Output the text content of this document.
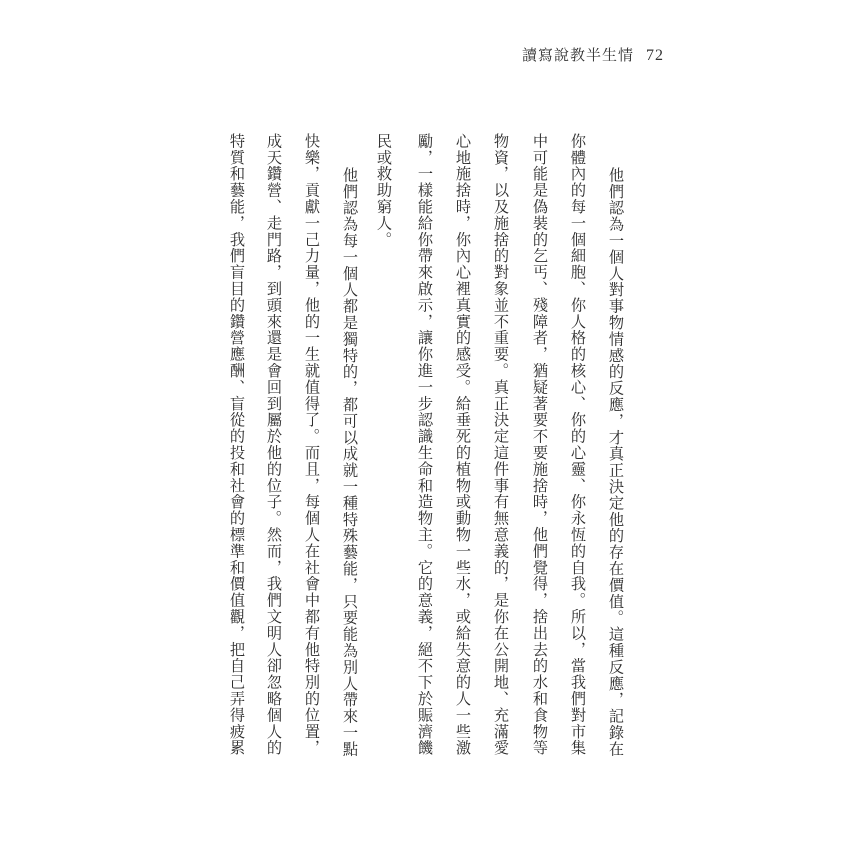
讀寫說教半生情 72
他們認為一個人對事物情感的反應，才真正決定他的存在價值。這種反應，記錄在
你體內的每一個細胞、你人格的核心、你的心靈、你永恆的自我。所以，當我們對市集
中可能是偽裝的乞丐、殘障者，猶疑著要不要施捨時，他們覺得，捨出去的水和食物等
物資，以及施捨的對象並不重要。真正決定這件事有無意義的，是你在公開地、充滿愛
心地施捨時，你內心裡真實的感受。給垂死的植物或動物一些水，或給失意的人一些激
勵，一樣能給你帶來啟示，讓你進一步認識生命和造物主。它的意義，絕不下於賑濟饑
民或救助窮人。
他們認為每一個人都是獨特的，都可以成就一種特殊藝能，只要能為別人帶來一點
快樂，貢獻一己力量，他的一生就值得了。而且，每個人在社會中都有他特別的位置，
成天鑽營、走門路，到頭來還是會回到屬於他的位子。然而，我們文明人卻忽略個人的
特質和藝能，我們盲目的鑽營應酬、盲從的投和社會的標準和價值觀，把自己弄得疲累
